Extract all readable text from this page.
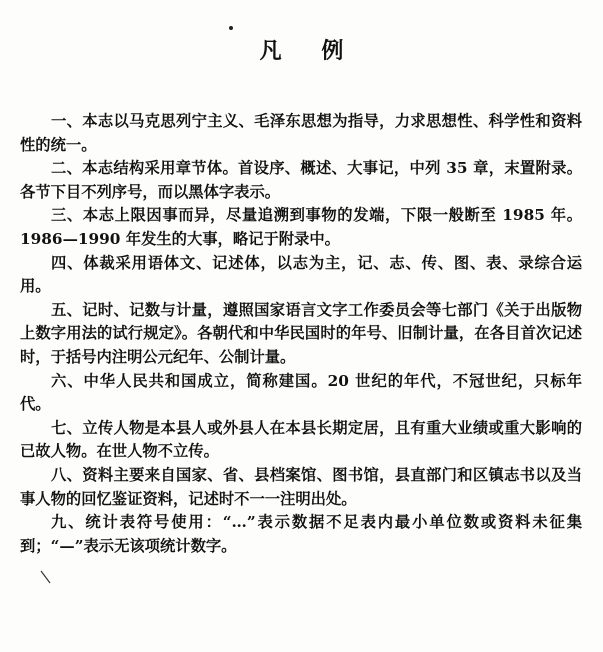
凡 例

一、本志以马克思列宁主义、毛泽东思想为指导，力求思想性、科学性和资料性的统一。

二、本志结构采用章节体。首设序、概述、大事记，中列 35 章，末置附录。各节下目不列序号，而以黑体字表示。

三、本志上限因事而异，尽量追溯到事物的发端，下限一般断至 1985 年。1986—1990 年发生的大事，略记于附录中。

四、体裁采用语体文、记述体，以志为主，记、志、传、图、表、录综合运用。

五、记时、记数与计量，遵照国家语言文字工作委员会等七部门《关于出版物上数字用法的试行规定》。各朝代和中华民国时的年号、旧制计量，在各目首次记述时，于括号内注明公元纪年、公制计量。

六、中华人民共和国成立，简称建国。20 世纪的年代，不冠世纪，只标年代。

七、立传人物是本县人或外县人在本县长期定居，且有重大业绩或重大影响的已故人物。在世人物不立传。

八、资料主要来自国家、省、县档案馆、图书馆，县直部门和区镇志书以及当事人物的回忆鉴证资料，记述时不一一注明出处。

九、统计表符号使用：“…”表示数据不足表内最小单位数或资料未征集到；“—”表示无该项统计数字。
